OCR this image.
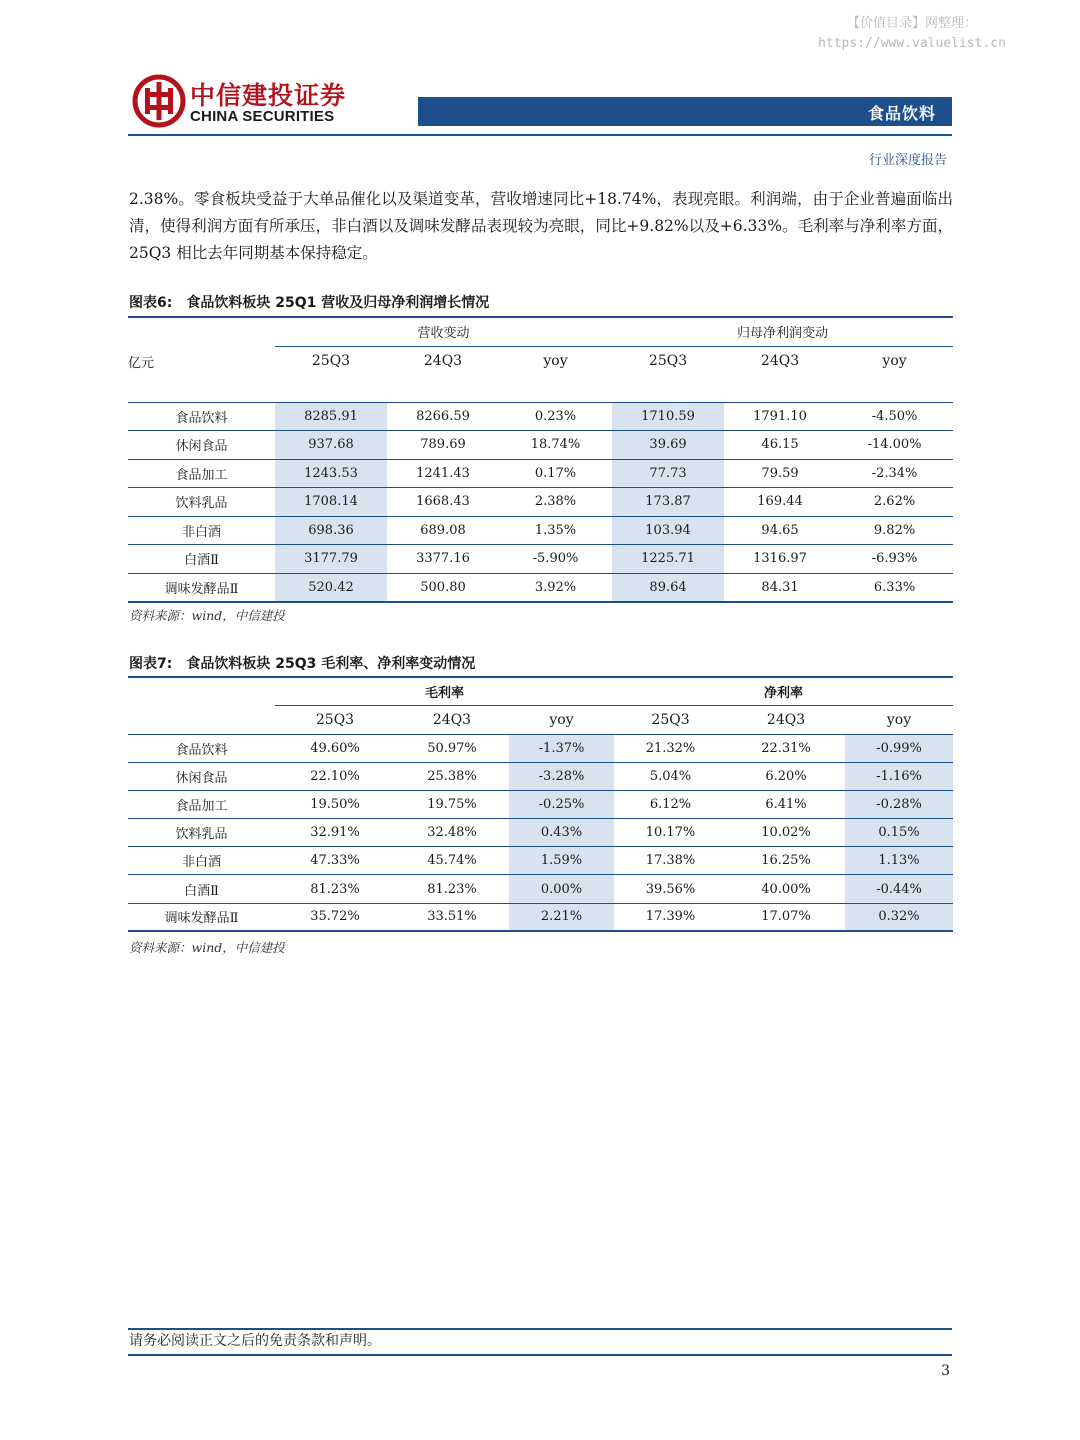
【价值目录】网整理：
https://www.valuelist.cn
中信建投证券
CHINA SECURITIES	食品饮料
行业深度报告
2.38%。零食板块受益于大单品催化以及渠道变革，营收增速同比+18.74%，表现亮眼。利润端，由于企业普遍面临出清，使得利润方面有所承压，非白酒以及调味发酵品表现较为亮眼，同比+9.82%以及+6.33%。毛利率与净利率方面，25Q3 相比去年同期基本保持稳定。
图表6: 食品饮料板块 25Q1 营收及归母净利润增长情况
	营收变动			归母净利润变动		
亿元	25Q3	24Q3	yoy	25Q3	24Q3	yoy
食品饮料	8285.91	8266.59	0.23%	1710.59	1791.10	-4.50%
休闲食品	937.68	789.69	18.74%	39.69	46.15	-14.00%
食品加工	1243.53	1241.43	0.17%	77.73	79.59	-2.34%
饮料乳品	1708.14	1668.43	2.38%	173.87	169.44	2.62%
非白酒	698.36	689.08	1.35%	103.94	94.65	9.82%
白酒Ⅱ	3177.79	3377.16	-5.90%	1225.71	1316.97	-6.93%
调味发酵品Ⅱ	520.42	500.80	3.92%	89.64	84.31	6.33%
资料来源：wind，中信建投
图表7: 食品饮料板块 25Q3 毛利率、净利率变动情况
	毛利率			净利率		
	25Q3	24Q3	yoy	25Q3	24Q3	yoy
食品饮料	49.60%	50.97%	-1.37%	21.32%	22.31%	-0.99%
休闲食品	22.10%	25.38%	-3.28%	5.04%	6.20%	-1.16%
食品加工	19.50%	19.75%	-0.25%	6.12%	6.41%	-0.28%
饮料乳品	32.91%	32.48%	0.43%	10.17%	10.02%	0.15%
非白酒	47.33%	45.74%	1.59%	17.38%	16.25%	1.13%
白酒Ⅱ	81.23%	81.23%	0.00%	39.56%	40.00%	-0.44%
调味发酵品Ⅱ	35.72%	33.51%	2.21%	17.39%	17.07%	0.32%
资料来源：wind，中信建投
请务必阅读正文之后的免责条款和声明。
3
